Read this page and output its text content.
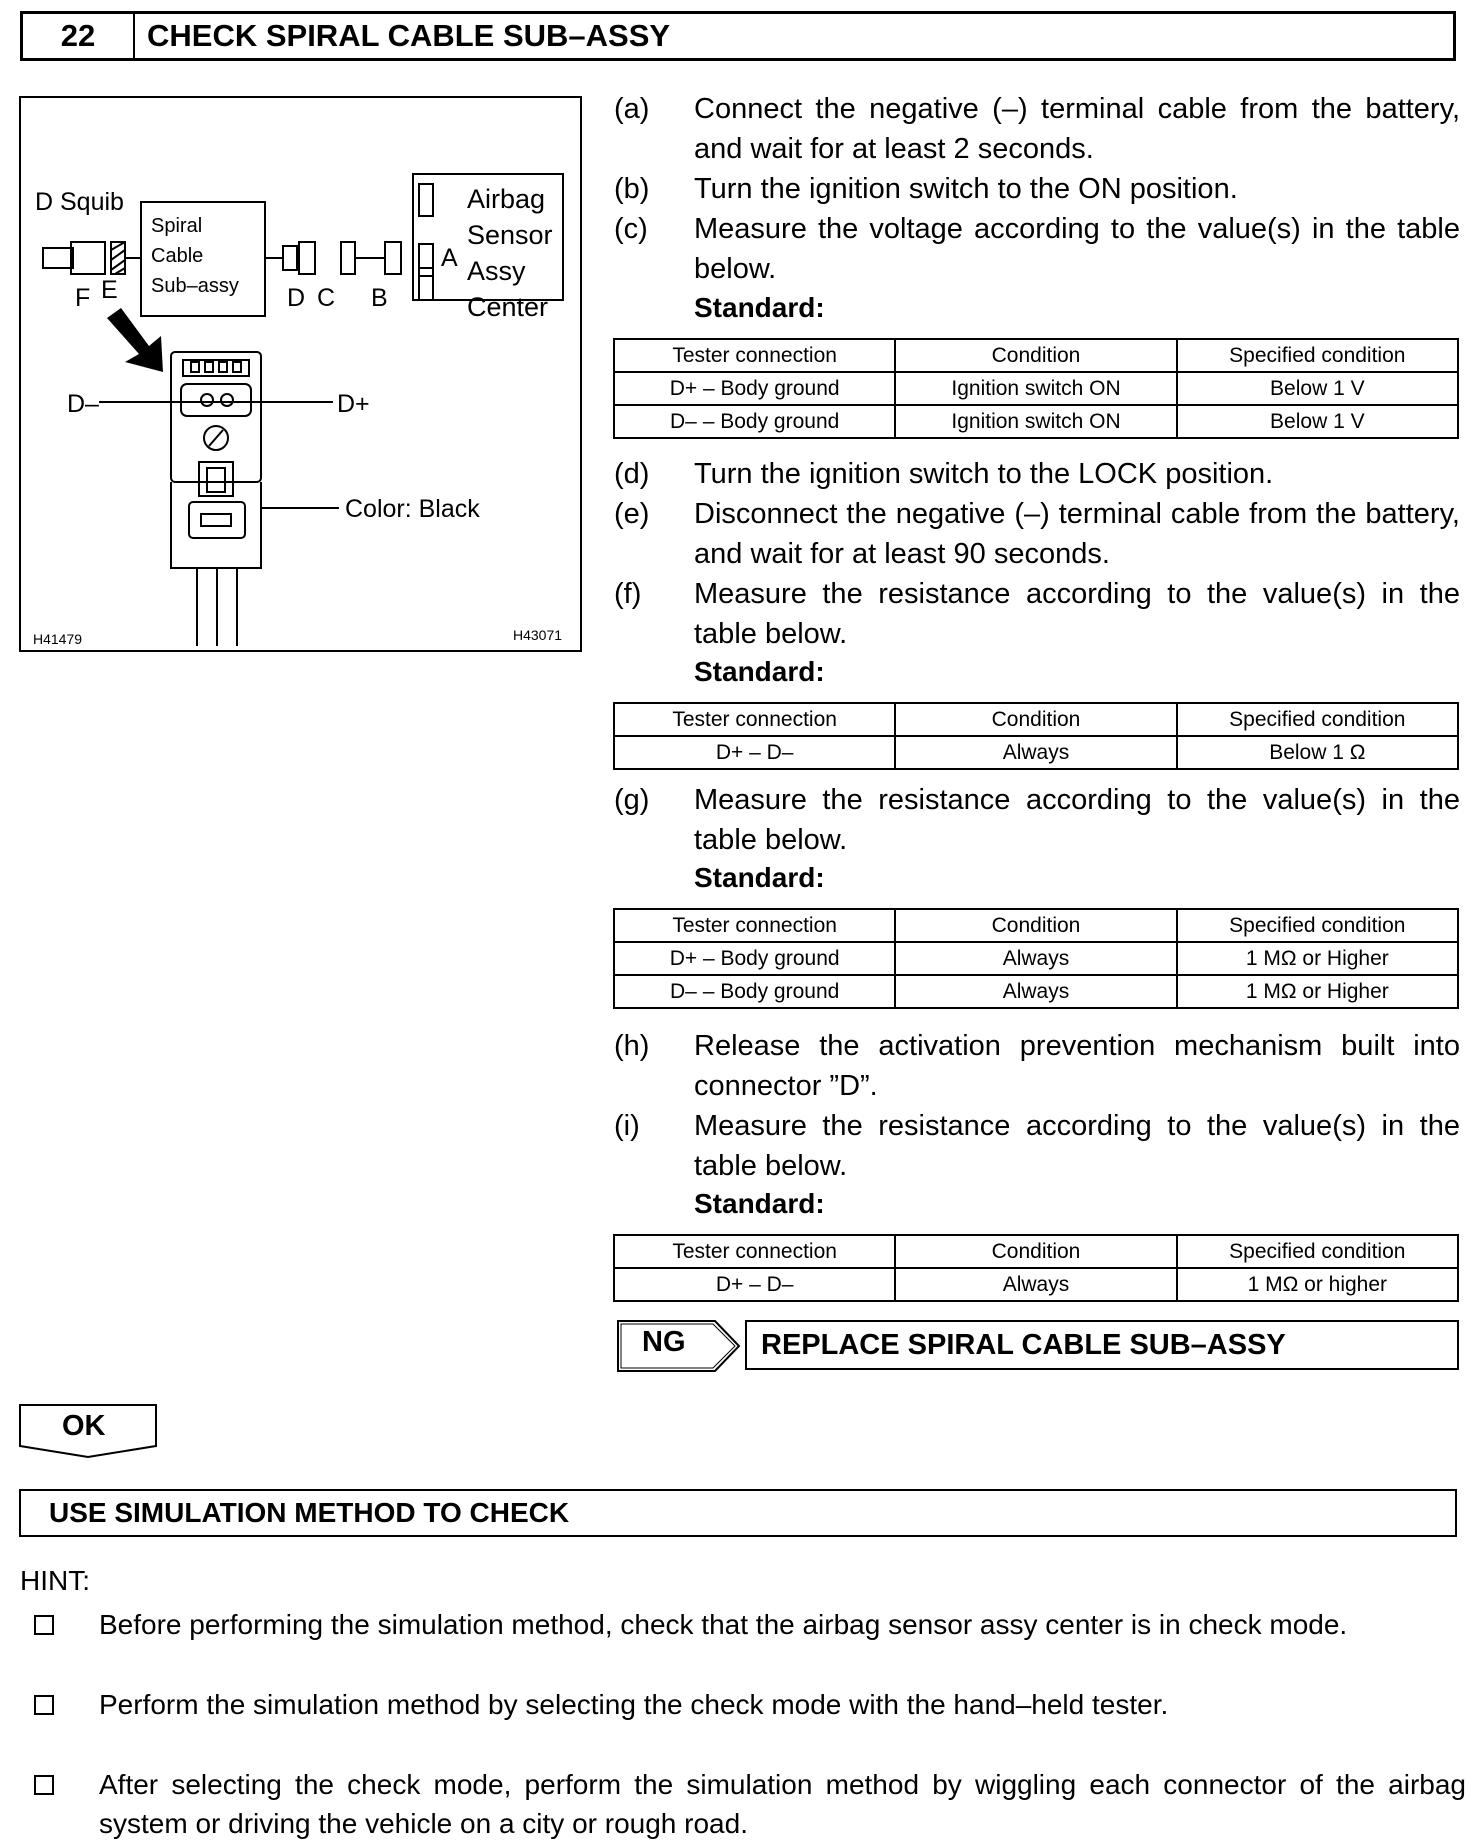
22	CHECK SPIRAL CABLE SUB–ASSY
D Squib
Spiral
Cable
Sub–assy
Airbag
Sensor
Assy
Center
A
F E	D C B
D–	D+
Color: Black
H41479	H43071
(a)	Connect the negative (–) terminal cable from the battery, and wait for at least 2 seconds.
(b)	Turn the ignition switch to the ON position.
(c)	Measure the voltage according to the value(s) in the table below.
Standard:
Tester connection	Condition	Specified condition
D+ – Body ground	Ignition switch ON	Below 1 V
D– – Body ground	Ignition switch ON	Below 1 V
(d)	Turn the ignition switch to the LOCK position.
(e)	Disconnect the negative (–) terminal cable from the battery, and wait for at least 90 seconds.
(f)	Measure the resistance according to the value(s) in the table below.
Standard:
Tester connection	Condition	Specified condition
D+ – D–	Always	Below 1 Ω
(g)	Measure the resistance according to the value(s) in the table below.
Standard:
Tester connection	Condition	Specified condition
D+ – Body ground	Always	1 MΩ or Higher
D– – Body ground	Always	1 MΩ or Higher
(h)	Release the activation prevention mechanism built into connector ”D”.
(i)	Measure the resistance according to the value(s) in the table below.
Standard:
Tester connection	Condition	Specified condition
D+ – D–	Always	1 MΩ or higher
NG	REPLACE SPIRAL CABLE SUB–ASSY
OK
USE SIMULATION METHOD TO CHECK
HINT:
Before performing the simulation method, check that the airbag sensor assy center is in check mode.
Perform the simulation method by selecting the check mode with the hand–held tester.
After selecting the check mode, perform the simulation method by wiggling each connector of the airbag system or driving the vehicle on a city or rough road.
